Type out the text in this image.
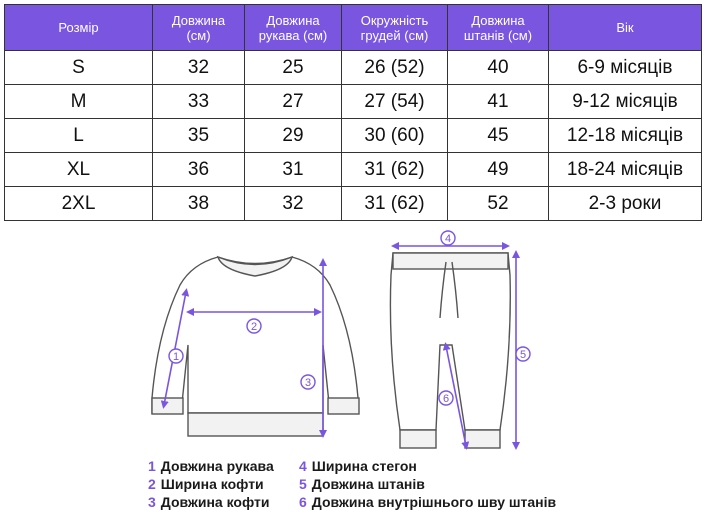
Розмір	Довжина (см)	Довжина рукава (см)	Окружність грудей (см)	Довжина штанів (см)	Вік
S	32	25	26 (52)	40	6-9 місяців
M	33	27	27 (54)	41	9-12 місяців
L	35	29	30 (60)	45	12-18 місяців
XL	36	31	31 (62)	49	18-24 місяців
2XL	38	32	31 (62)	52	2-3 роки
1
2
3
4
5
6
1 Довжина рукава
2 Ширина кофти
3 Довжина кофти
4 Ширина стегон
5 Довжина штанів
6 Довжина внутрішнього шву штанів
